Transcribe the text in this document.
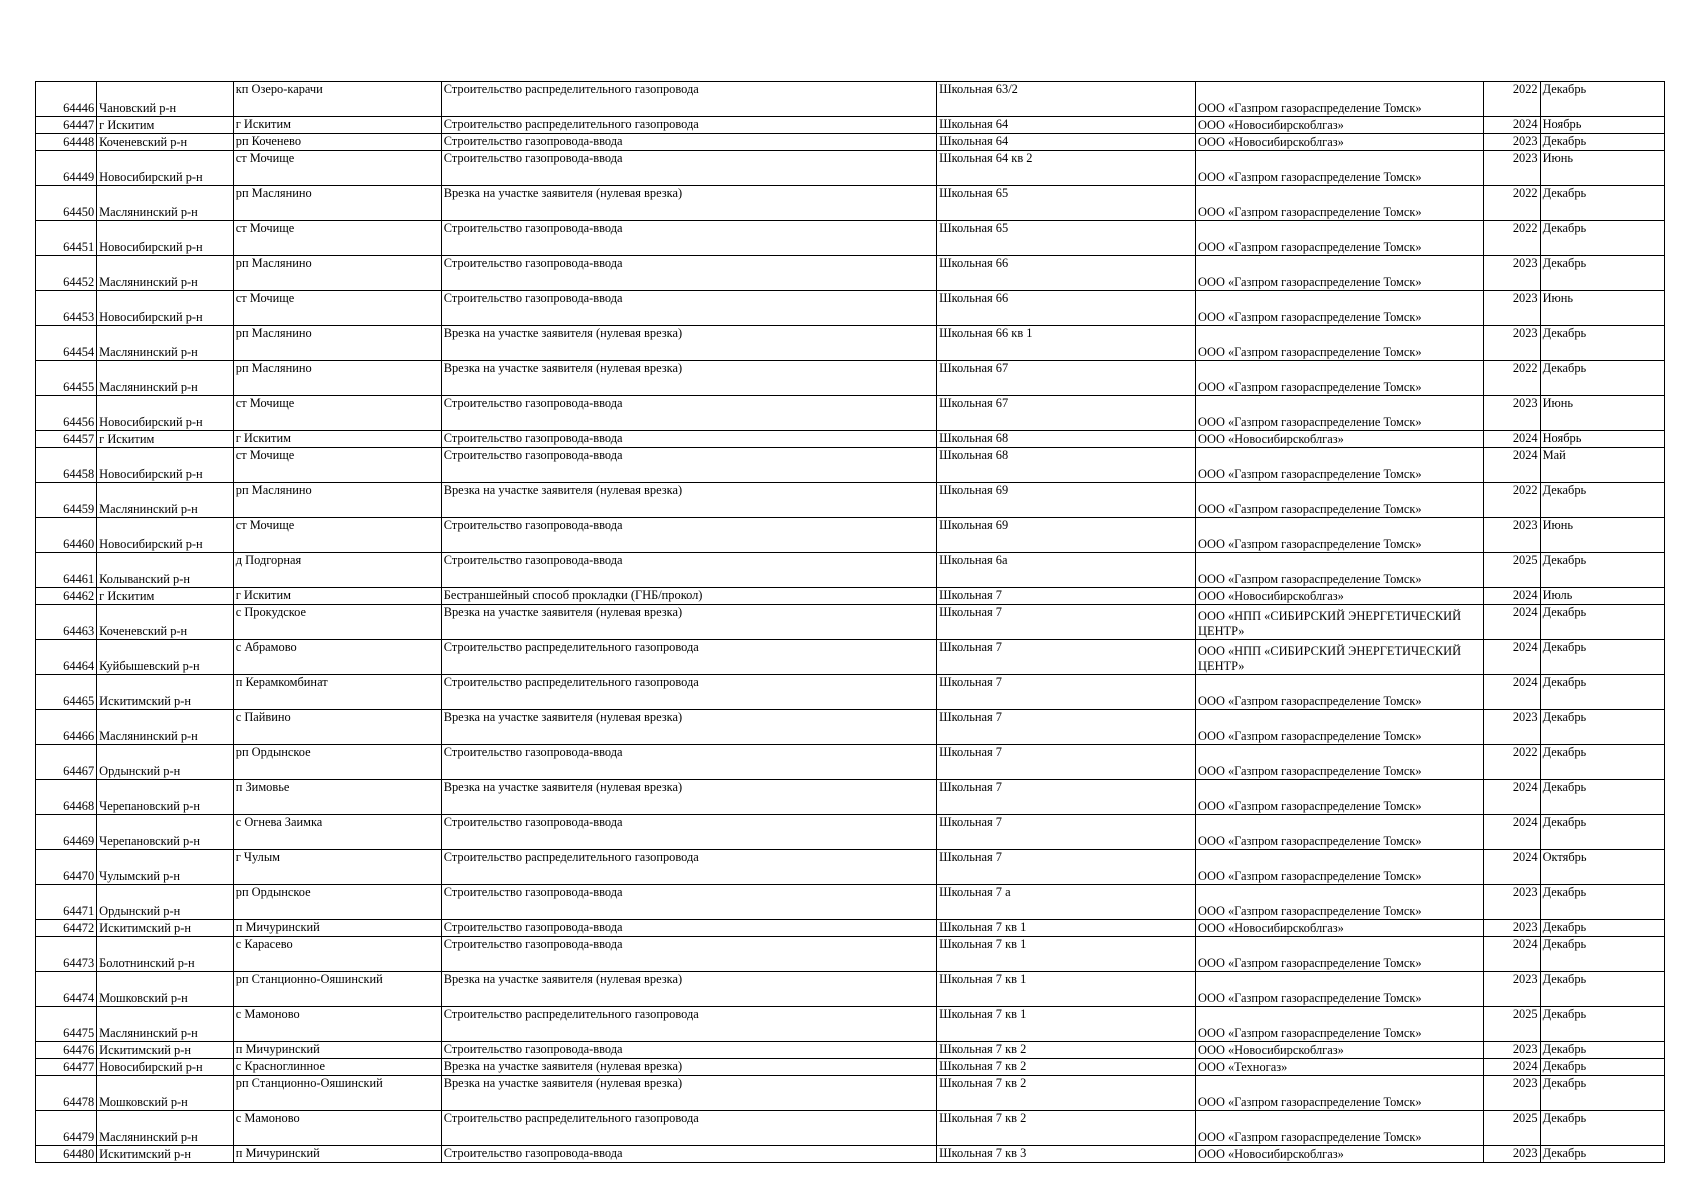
64446	Чановский р-н	кп Озеро-карачи	Строительство распределительного газопровода	Школьная 63/2	ООО «Газпром газораспределение Томск»	2022	Декабрь
64447	г Искитим	г Искитим	Строительство распределительного газопровода	Школьная 64	ООО «Новосибирскоблгаз»	2024	Ноябрь
64448	Коченевский р-н	рп Коченево	Строительство газопровода-ввода	Школьная 64	ООО «Новосибирскоблгаз»	2023	Декабрь
64449	Новосибирский р-н	ст Мочище	Строительство газопровода-ввода	Школьная 64 кв 2	ООО «Газпром газораспределение Томск»	2023	Июнь
64450	Маслянинский р-н	рп Маслянино	Врезка на участке заявителя (нулевая врезка)	Школьная 65	ООО «Газпром газораспределение Томск»	2022	Декабрь
64451	Новосибирский р-н	ст Мочище	Строительство газопровода-ввода	Школьная 65	ООО «Газпром газораспределение Томск»	2022	Декабрь
64452	Маслянинский р-н	рп Маслянино	Строительство газопровода-ввода	Школьная 66	ООО «Газпром газораспределение Томск»	2023	Декабрь
64453	Новосибирский р-н	ст Мочище	Строительство газопровода-ввода	Школьная 66	ООО «Газпром газораспределение Томск»	2023	Июнь
64454	Маслянинский р-н	рп Маслянино	Врезка на участке заявителя (нулевая врезка)	Школьная 66 кв 1	ООО «Газпром газораспределение Томск»	2023	Декабрь
64455	Маслянинский р-н	рп Маслянино	Врезка на участке заявителя (нулевая врезка)	Школьная 67	ООО «Газпром газораспределение Томск»	2022	Декабрь
64456	Новосибирский р-н	ст Мочище	Строительство газопровода-ввода	Школьная 67	ООО «Газпром газораспределение Томск»	2023	Июнь
64457	г Искитим	г Искитим	Строительство газопровода-ввода	Школьная 68	ООО «Новосибирскоблгаз»	2024	Ноябрь
64458	Новосибирский р-н	ст Мочище	Строительство газопровода-ввода	Школьная 68	ООО «Газпром газораспределение Томск»	2024	Май
64459	Маслянинский р-н	рп Маслянино	Врезка на участке заявителя (нулевая врезка)	Школьная 69	ООО «Газпром газораспределение Томск»	2022	Декабрь
64460	Новосибирский р-н	ст Мочище	Строительство газопровода-ввода	Школьная 69	ООО «Газпром газораспределение Томск»	2023	Июнь
64461	Колыванский р-н	д Подгорная	Строительство газопровода-ввода	Школьная 6а	ООО «Газпром газораспределение Томск»	2025	Декабрь
64462	г Искитим	г Искитим	Бестраншейный способ прокладки (ГНБ/прокол)	Школьная 7	ООО «Новосибирскоблгаз»	2024	Июль
64463	Коченевский р-н	с Прокудское	Врезка на участке заявителя (нулевая врезка)	Школьная 7	ООО «НПП «СИБИРСКИЙ ЭНЕРГЕТИЧЕСКИЙ ЦЕНТР»	2024	Декабрь
64464	Куйбышевский р-н	с Абрамово	Строительство распределительного газопровода	Школьная 7	ООО «НПП «СИБИРСКИЙ ЭНЕРГЕТИЧЕСКИЙ ЦЕНТР»	2024	Декабрь
64465	Искитимский р-н	п Керамкомбинат	Строительство распределительного газопровода	Школьная 7	ООО «Газпром газораспределение Томск»	2024	Декабрь
64466	Маслянинский р-н	с Пайвино	Врезка на участке заявителя (нулевая врезка)	Школьная 7	ООО «Газпром газораспределение Томск»	2023	Декабрь
64467	Ордынский р-н	рп Ордынское	Строительство газопровода-ввода	Школьная 7	ООО «Газпром газораспределение Томск»	2022	Декабрь
64468	Черепановский р-н	п Зимовье	Врезка на участке заявителя (нулевая врезка)	Школьная 7	ООО «Газпром газораспределение Томск»	2024	Декабрь
64469	Черепановский р-н	с Огнева Заимка	Строительство газопровода-ввода	Школьная 7	ООО «Газпром газораспределение Томск»	2024	Декабрь
64470	Чулымский р-н	г Чулым	Строительство распределительного газопровода	Школьная 7	ООО «Газпром газораспределение Томск»	2024	Октябрь
64471	Ордынский р-н	рп Ордынское	Строительство газопровода-ввода	Школьная 7 а	ООО «Газпром газораспределение Томск»	2023	Декабрь
64472	Искитимский р-н	п Мичуринский	Строительство газопровода-ввода	Школьная 7 кв 1	ООО «Новосибирскоблгаз»	2023	Декабрь
64473	Болотнинский р-н	с Карасево	Строительство газопровода-ввода	Школьная 7 кв 1	ООО «Газпром газораспределение Томск»	2024	Декабрь
64474	Мошковский р-н	рп Станционно-Ояшинский	Врезка на участке заявителя (нулевая врезка)	Школьная 7 кв 1	ООО «Газпром газораспределение Томск»	2023	Декабрь
64475	Маслянинский р-н	с Мамоново	Строительство распределительного газопровода	Школьная 7 кв 1	ООО «Газпром газораспределение Томск»	2025	Декабрь
64476	Искитимский р-н	п Мичуринский	Строительство газопровода-ввода	Школьная 7 кв 2	ООО «Новосибирскоблгаз»	2023	Декабрь
64477	Новосибирский р-н	с Красноглинное	Врезка на участке заявителя (нулевая врезка)	Школьная 7 кв 2	ООО «Техногаз»	2024	Декабрь
64478	Мошковский р-н	рп Станционно-Ояшинский	Врезка на участке заявителя (нулевая врезка)	Школьная 7 кв 2	ООО «Газпром газораспределение Томск»	2023	Декабрь
64479	Маслянинский р-н	с Мамоново	Строительство распределительного газопровода	Школьная 7 кв 2	ООО «Газпром газораспределение Томск»	2025	Декабрь
64480	Искитимский р-н	п Мичуринский	Строительство газопровода-ввода	Школьная 7 кв 3	ООО «Новосибирскоблгаз»	2023	Декабрь
